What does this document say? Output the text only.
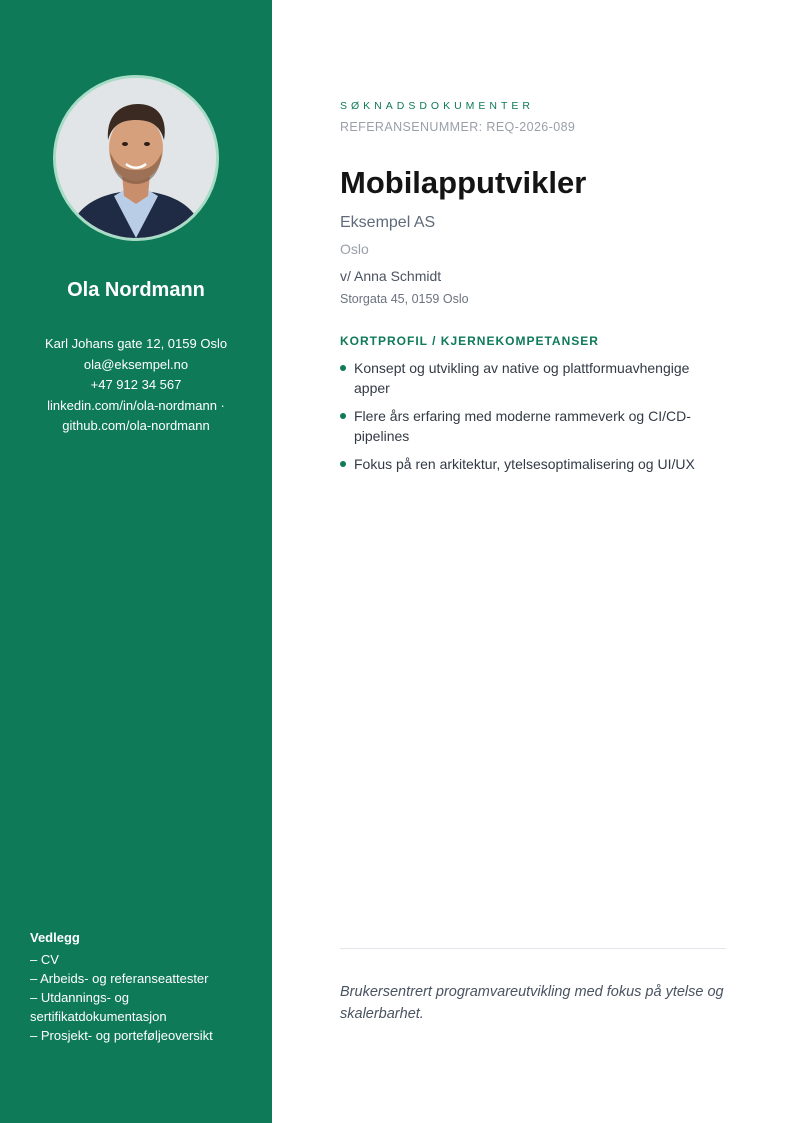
Ola Nordmann
Karl Johans gate 12, 0159 Oslo
ola@eksempel.no
+47 912 34 567
linkedin.com/in/ola-nordmann ·
github.com/ola-nordmann
Vedlegg
– CV
– Arbeids- og referanseattester
– Utdannings- og sertifikatdokumentasjon
– Prosjekt- og porteføljeoversikt
SØKNADSDOKUMENTER
REFERANSENUMMER: REQ-2026-089
Mobilapputvikler
Eksempel AS
Oslo
v/ Anna Schmidt
Storgata 45, 0159 Oslo
KORTPROFIL / KJERNEKOMPETANSER
Konsept og utvikling av native og plattformuavhengige apper
Flere års erfaring med moderne rammeverk og CI/CD-pipelines
Fokus på ren arkitektur, ytelsesoptimalisering og UI/UX
Brukersentrert programvareutvikling med fokus på ytelse og skalerbarhet.
